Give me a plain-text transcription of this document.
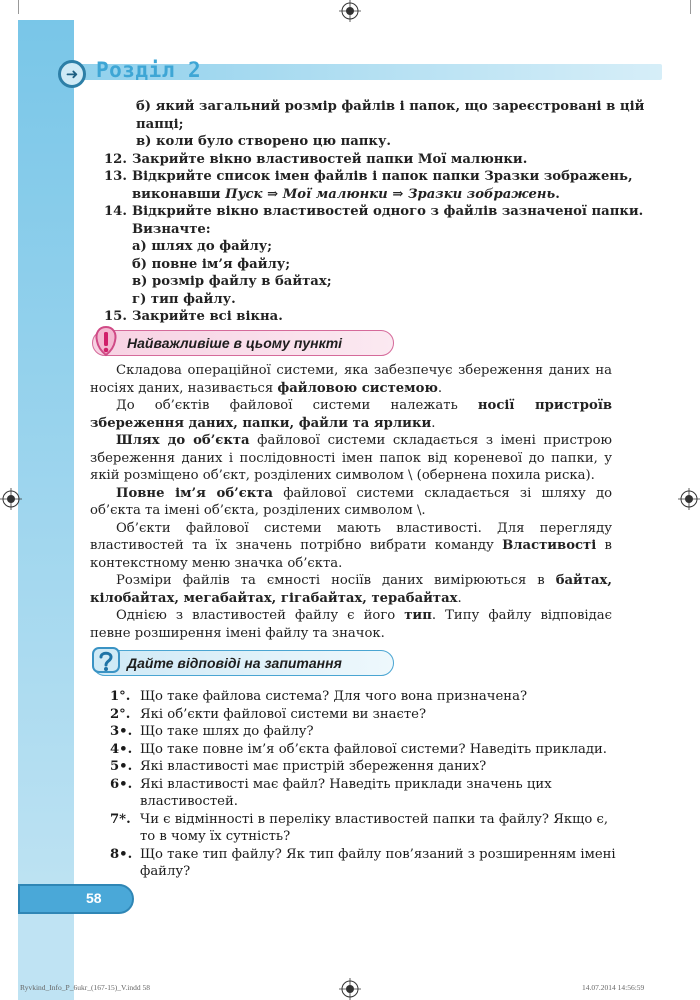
➜ Розділ 2
б) який загальний розмір файлів і папок, що зареєстровані в цій
папці;
в) коли було створено цю папку.
12. Закрийте вікно властивостей папки Мої малюнки.
13. Відкрийте список імен файлів і папок папки Зразки зображень,
виконавши Пуск ⇒ Мої малюнки ⇒ Зразки зображень.
14. Відкрийте вікно властивостей одного з файлів зазначеної папки.
Визначте:
а) шлях до файлу;
б) повне ім’я файлу;
в) розмір файлу в байтах;
г) тип файлу.
15. Закрийте всі вікна.
Найважливіше в цьому пункті

Складова операційної системи, яка забезпечує збереження даних на носіях даних, називається файловою системою.

До об’єктів файлової системи належать носії пристроїв збереження даних, папки, файли та ярлики.

Шлях до об’єкта файлової системи складається з імені пристрою збереження даних і послідовності імен папок від кореневої до папки, у якій розміщено об’єкт, розділених символом \ (обернена похила риска).

Повне ім’я об’єкта файлової системи складається зі шляху до об’єкта та імені об’єкта, розділених символом \.

Об’єкти файлової системи мають властивості. Для перегляду властивостей та їх значень потрібно вибрати команду Властивості в контекстному меню значка об’єкта.

Розміри файлів та ємності носіїв даних вимірюються в байтах, кілобайтах, мегабайтах, гігабайтах, терабайтах.

Однією з властивостей файлу є його тип. Типу файлу відповідає певне розширення імені файлу та значок.

Дайте відповіді на запитання
1°. Що таке файлова система? Для чого вона призначена?
2°. Які об’єкти файлової системи ви знаєте?
3•. Що таке шлях до файлу?
4•. Що таке повне ім’я об’єкта файлової системи? Наведіть приклади.
5•. Які властивості має пристрій збереження даних?
6•. Які властивості має файл? Наведіть приклади значень цих властивостей.
7*. Чи є відмінності в переліку властивостей папки та файлу? Якщо є, то в чому їх сутність?
8•. Що таке тип файлу? Як тип файлу пов’язаний з розширенням імені файлу?
58
Ryvkind_Info_P_6ukr_(167-15)_V.indd 58	14.07.2014 14:56:59
